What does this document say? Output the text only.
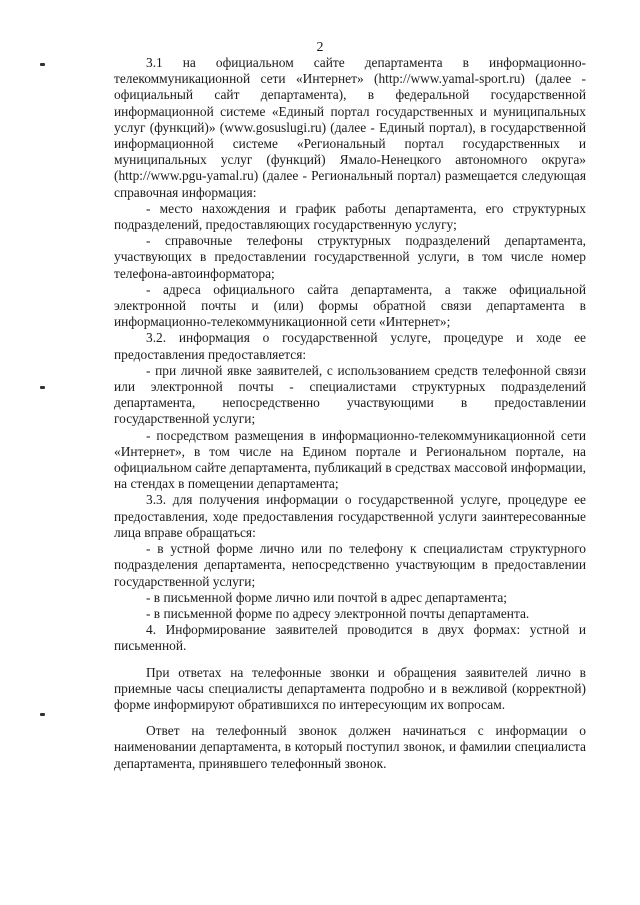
2

3.1 на официальном сайте департамента в информационно-телекоммуникационной сети «Интернет» (http://www.yamal-sport.ru) (далее - официальный сайт департамента), в федеральной государственной информационной системе «Единый портал государственных и муниципальных услуг (функций)» (www.gosuslugi.ru) (далее - Единый портал), в государственной информационной системе «Региональный портал государственных и муниципальных услуг (функций) Ямало-Ненецкого автономного округа» (http://www.pgu-yamal.ru) (далее - Региональный портал) размещается следующая справочная информация:

- место нахождения и график работы департамента, его структурных подразделений, предоставляющих государственную услугу;

- справочные телефоны структурных подразделений департамента, участвующих в предоставлении государственной услуги, в том числе номер телефона-автоинформатора;

- адреса официального сайта департамента, а также официальной электронной почты и (или) формы обратной связи департамента в информационно-телекоммуникационной сети «Интернет»;

3.2. информация о государственной услуге, процедуре и ходе ее предоставления предоставляется:

- при личной явке заявителей, с использованием средств телефонной связи или электронной почты - специалистами структурных подразделений департамента, непосредственно участвующими в предоставлении государственной услуги;

- посредством размещения в информационно-телекоммуникационной сети «Интернет», в том числе на Едином портале и Региональном портале, на официальном сайте департамента, публикаций в средствах массовой информации, на стендах в помещении департамента;

3.3. для получения информации о государственной услуге, процедуре ее предоставления, ходе предоставления государственной услуги заинтересованные лица вправе обращаться:

- в устной форме лично или по телефону к специалистам структурного подразделения департамента, непосредственно участвующим в предоставлении государственной услуги;

- в письменной форме лично или почтой в адрес департамента;

- в письменной форме по адресу электронной почты департамента.

4. Информирование заявителей проводится в двух формах: устной и письменной.

При ответах на телефонные звонки и обращения заявителей лично в приемные часы специалисты департамента подробно и в вежливой (корректной) форме информируют обратившихся по интересующим их вопросам.

Ответ на телефонный звонок должен начинаться с информации о наименовании департамента, в который поступил звонок, и фамилии специалиста департамента, принявшего телефонный звонок.
